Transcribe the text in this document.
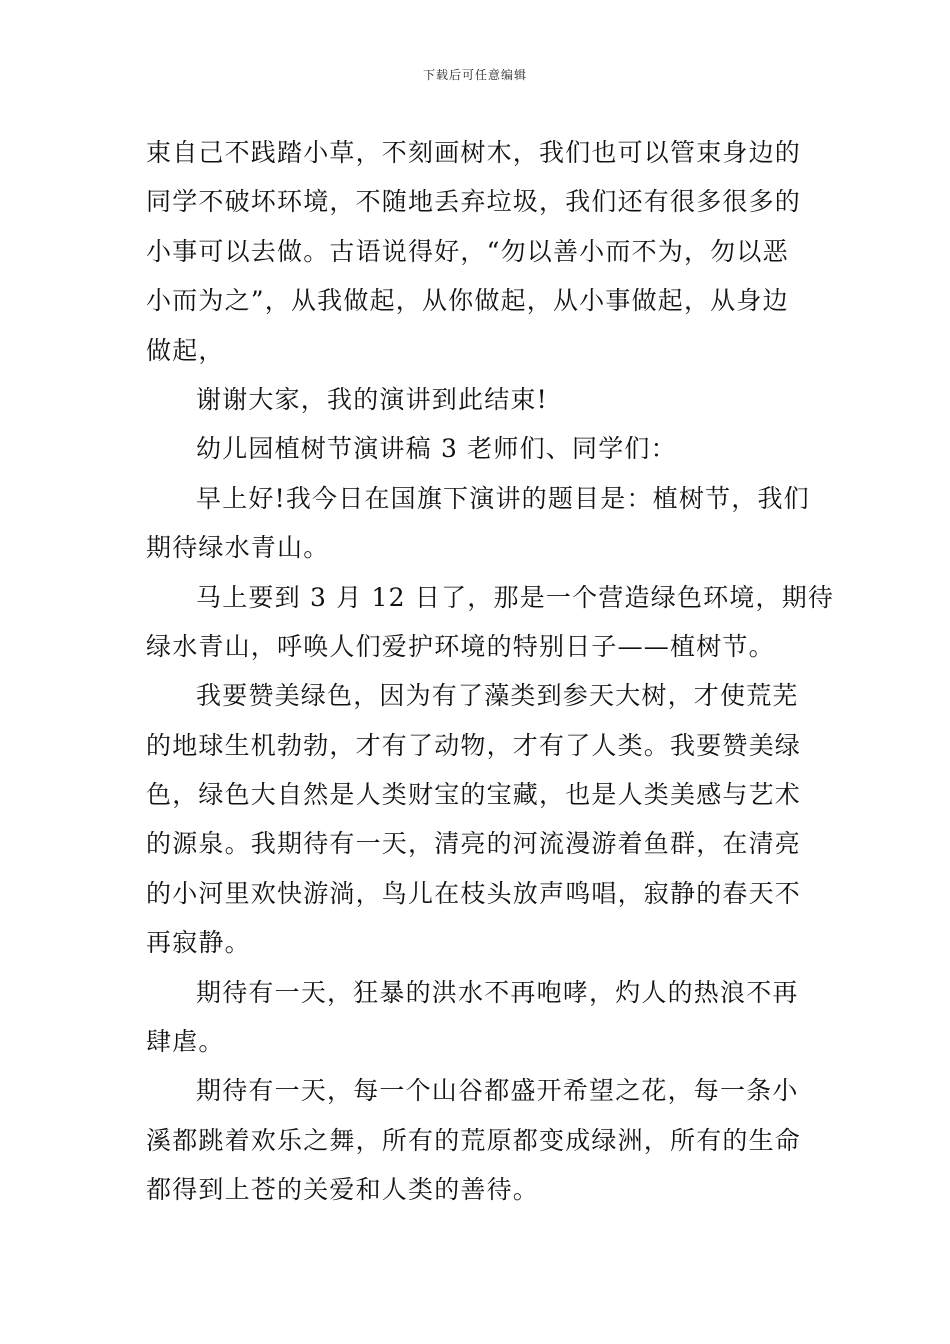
下载后可任意编辑
束自己不践踏小草，不刻画树木，我们也可以管束身边的
同学不破坏环境，不随地丢弃垃圾，我们还有很多很多的
小事可以去做。古语说得好，“勿以善小而不为，勿以恶
小而为之”，从我做起，从你做起，从小事做起，从身边
做起，
谢谢大家，我的演讲到此结束!
幼儿园植树节演讲稿 3 老师们、同学们：
早上好!我今日在国旗下演讲的题目是：植树节，我们
期待绿水青山。
马上要到 3 月 12 日了，那是一个营造绿色环境，期待
绿水青山，呼唤人们爱护环境的特别日子——植树节。
我要赞美绿色，因为有了藻类到参天大树，才使荒芜
的地球生机勃勃，才有了动物，才有了人类。我要赞美绿
色，绿色大自然是人类财宝的宝藏，也是人类美感与艺术
的源泉。我期待有一天，清亮的河流漫游着鱼群，在清亮
的小河里欢快游淌，鸟儿在枝头放声鸣唱，寂静的春天不
再寂静。
期待有一天，狂暴的洪水不再咆哮，灼人的热浪不再
肆虐。
期待有一天，每一个山谷都盛开希望之花，每一条小
溪都跳着欢乐之舞，所有的荒原都变成绿洲，所有的生命
都得到上苍的关爱和人类的善待。
